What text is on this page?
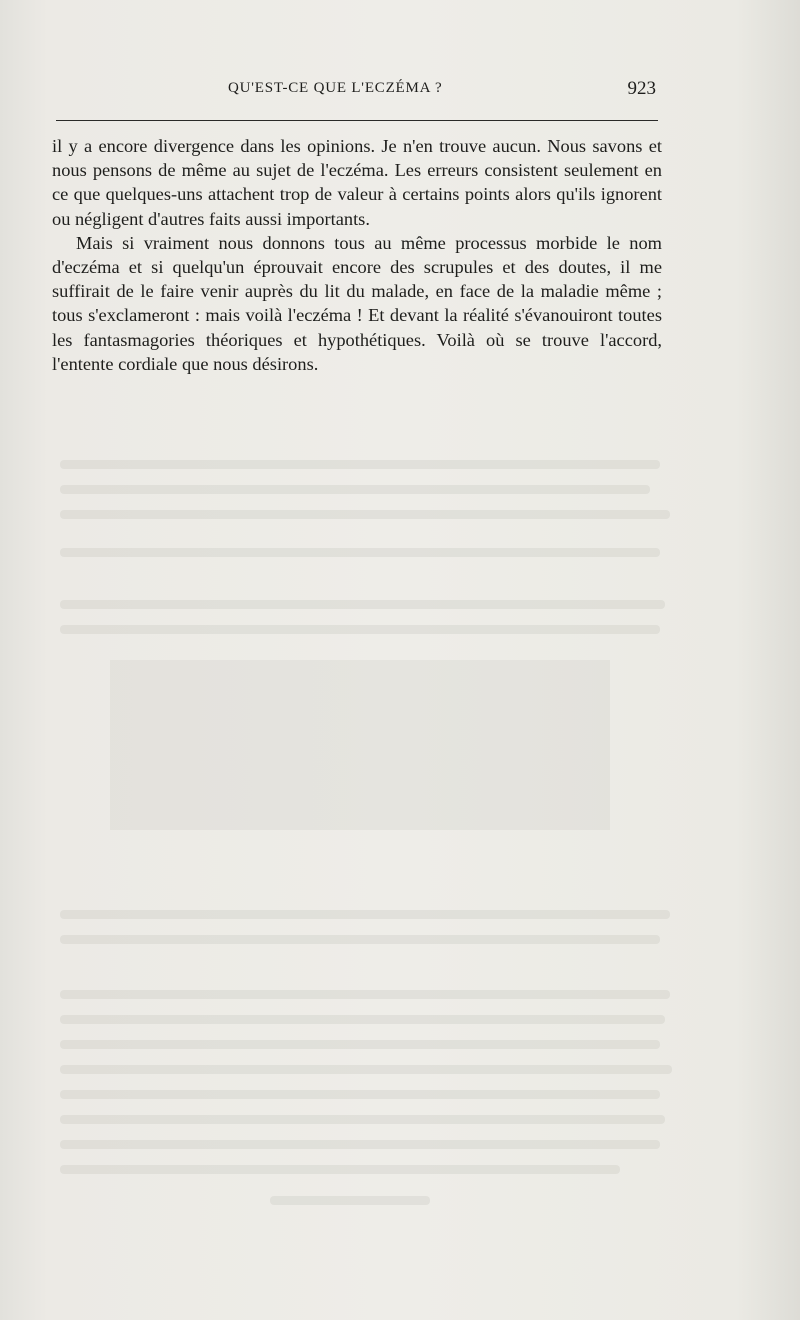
QU'EST-CE QUE L'ECZÉMA ?	923

il y a encore divergence dans les opinions. Je n'en trouve aucun. Nous savons et nous pensons de même au sujet de l'eczéma. Les erreurs consistent seulement en ce que quelques-uns attachent trop de valeur à certains points alors qu'ils ignorent ou négligent d'autres faits aussi importants.

Mais si vraiment nous donnons tous au même processus morbide le nom d'eczéma et si quelqu'un éprouvait encore des scrupules et des doutes, il me suffirait de le faire venir auprès du lit du malade, en face de la maladie même ; tous s'exclameront : mais voilà l'eczéma ! Et devant la réalité s'évanouiront toutes les fantasmagories théoriques et hypothétiques. Voilà où se trouve l'accord, l'entente cordiale que nous désirons.
